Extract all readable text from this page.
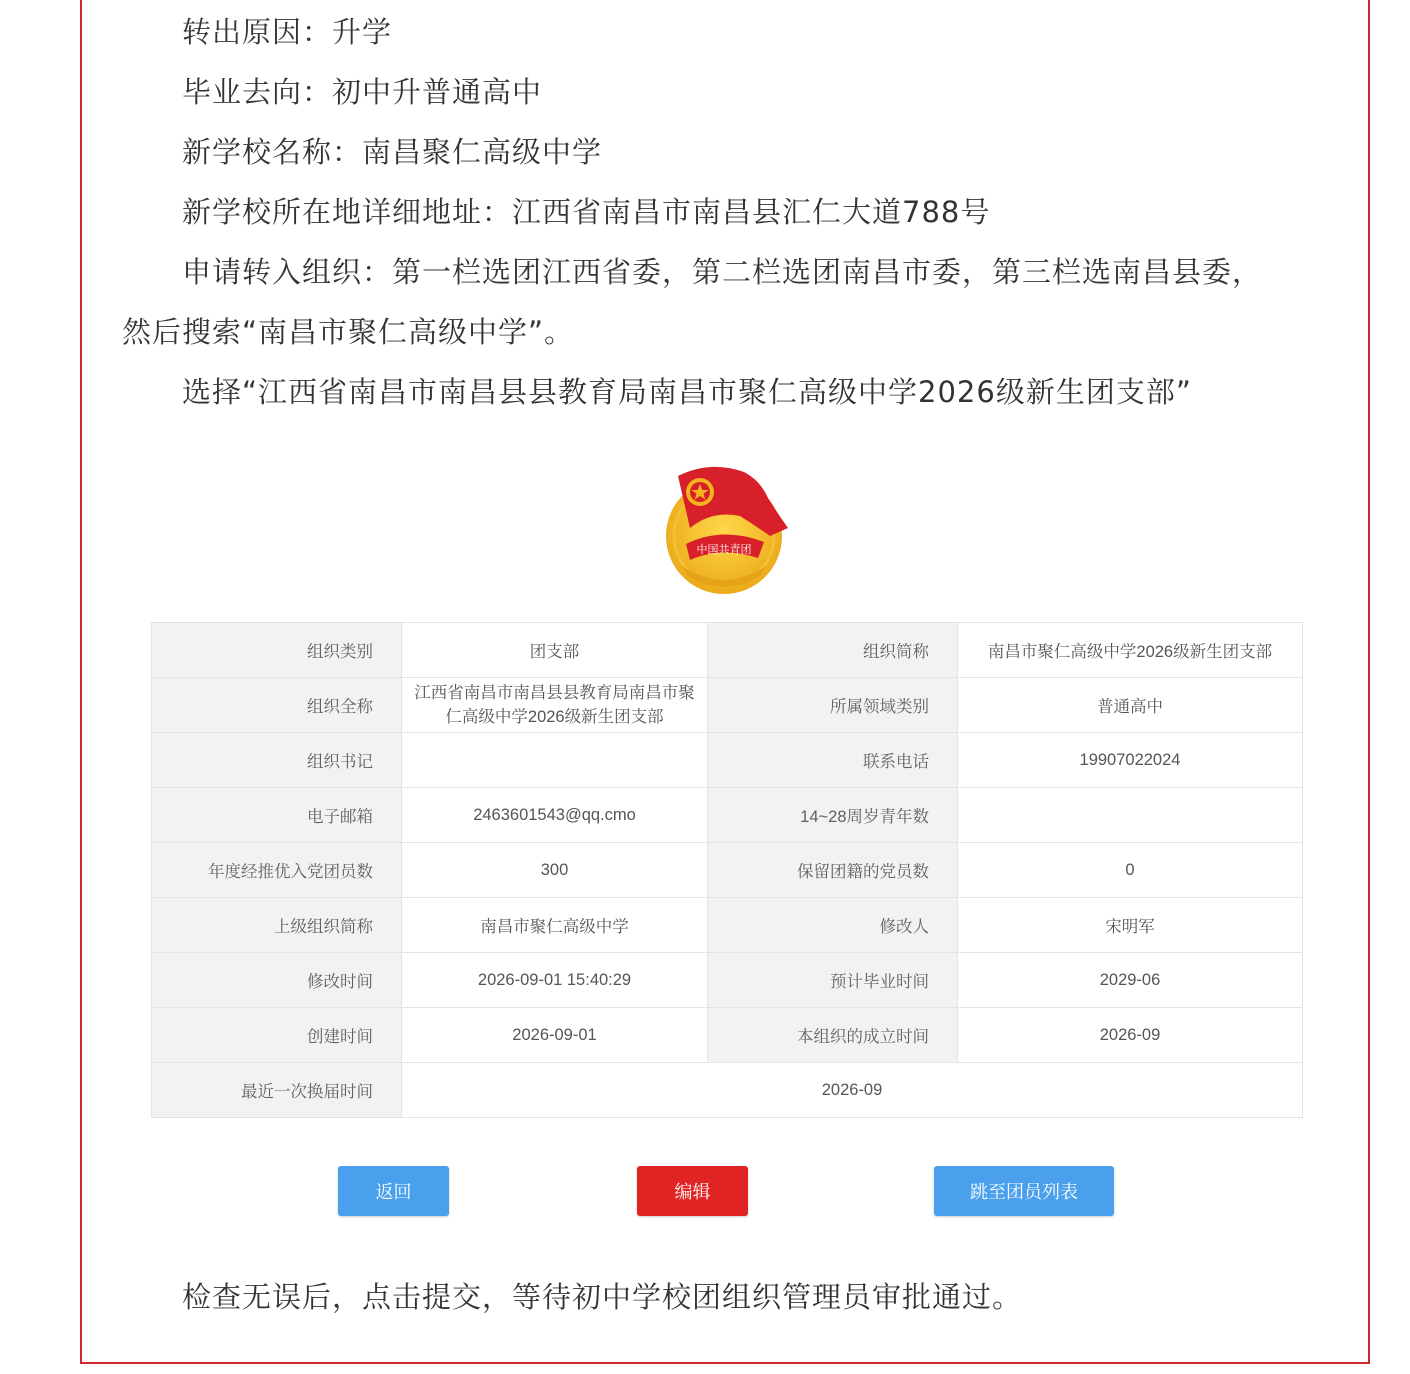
转出原因：升学
毕业去向：初中升普通高中
新学校名称：南昌聚仁高级中学
新学校所在地详细地址：江西省南昌市南昌县汇仁大道788号
申请转入组织：第一栏选团江西省委，第二栏选团南昌市委，第三栏选南昌县委，
然后搜索“南昌市聚仁高级中学”。
选择“江西省南昌市南昌县县教育局南昌市聚仁高级中学2026级新生团支部”
中国共青团
组织类别	团支部	组织简称	南昌市聚仁高级中学2026级新生团支部
组织全称	江西省南昌市南昌县县教育局南昌市聚仁高级中学2026级新生团支部	所属领域类别	普通高中
组织书记		联系电话	19907022024
电子邮箱	2463601543@qq.cmo	14~28周岁青年数	
年度经推优入党团员数	300	保留团籍的党员数	0
上级组织简称	南昌市聚仁高级中学	修改人	宋明军
修改时间	2026-09-01 15:40:29	预计毕业时间	2029-06
创建时间	2026-09-01	本组织的成立时间	2026-09
最近一次换届时间	2026-09		
返回	编辑	跳至团员列表
检查无误后，点击提交，等待初中学校团组织管理员审批通过。
